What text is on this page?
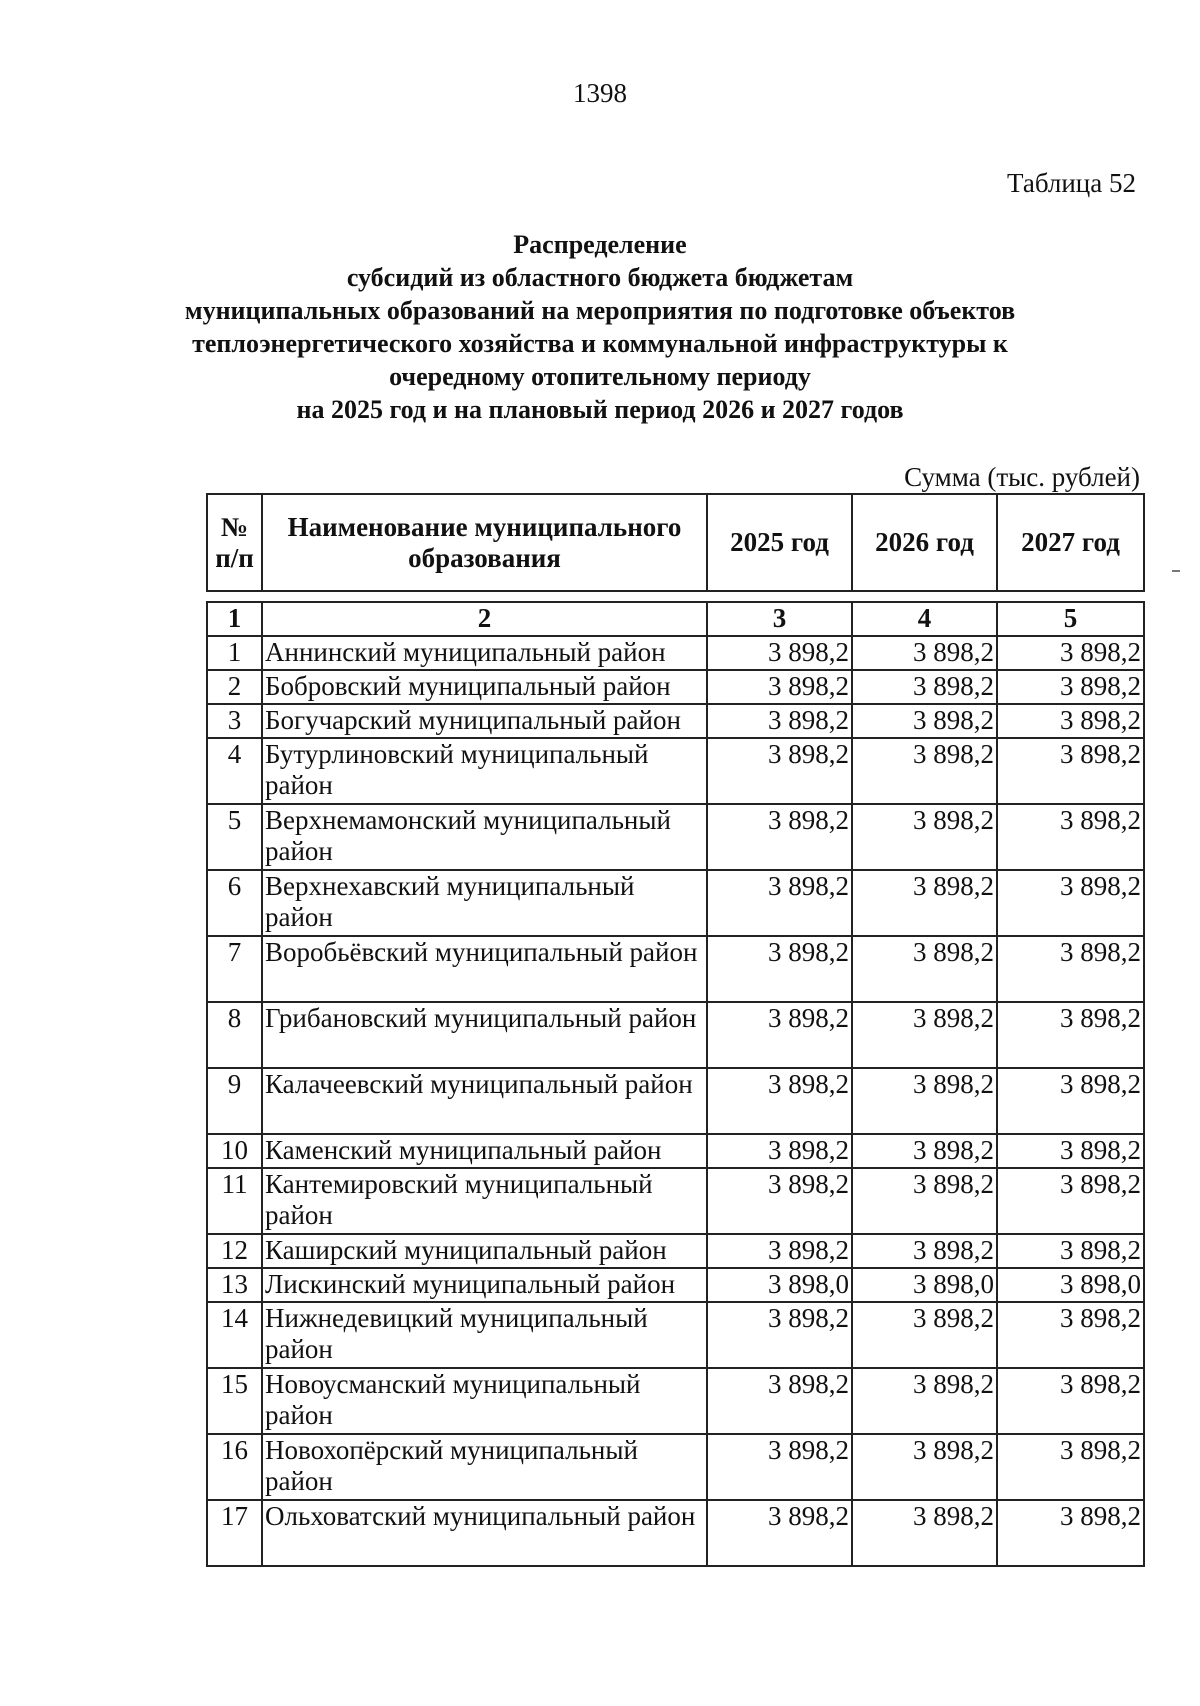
1398
Таблица 52
Распределение
субсидий из областного бюджета бюджетам
муниципальных образований на мероприятия по подготовке объектов
теплоэнергетического хозяйства и коммунальной инфраструктуры к
очередному отопительному периоду
на 2025 год и на плановый период 2026 и 2027 годов
Сумма (тыс. рублей)
№ п/п	Наименование муниципального образования	2025 год	2026 год	2027 год
1	2	3	4	5
1	Аннинский муниципальный район	3 898,2	3 898,2	3 898,2
2	Бобровский муниципальный район	3 898,2	3 898,2	3 898,2
3	Богучарский муниципальный район	3 898,2	3 898,2	3 898,2
4	Бутурлиновский муниципальный район	3 898,2	3 898,2	3 898,2
5	Верхнемамонский муниципальный район	3 898,2	3 898,2	3 898,2
6	Верхнехавский муниципальный район	3 898,2	3 898,2	3 898,2
7	Воробьёвский муниципальный район	3 898,2	3 898,2	3 898,2
8	Грибановский муниципальный район	3 898,2	3 898,2	3 898,2
9	Калачеевский муниципальный район	3 898,2	3 898,2	3 898,2
10	Каменский муниципальный район	3 898,2	3 898,2	3 898,2
11	Кантемировский муниципальный район	3 898,2	3 898,2	3 898,2
12	Каширский муниципальный район	3 898,2	3 898,2	3 898,2
13	Лискинский муниципальный район	3 898,0	3 898,0	3 898,0
14	Нижнедевицкий муниципальный район	3 898,2	3 898,2	3 898,2
15	Новоусманский муниципальный район	3 898,2	3 898,2	3 898,2
16	Новохопёрский муниципальный район	3 898,2	3 898,2	3 898,2
17	Ольховатский муниципальный район	3 898,2	3 898,2	3 898,2
